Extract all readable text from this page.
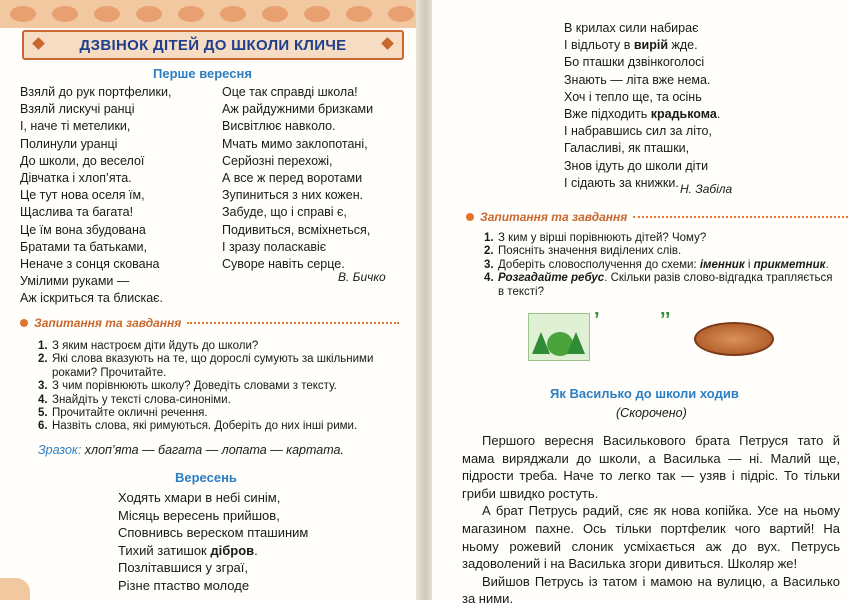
ДЗВІНОК ДІТЕЙ ДО ШКОЛИ КЛИЧЕ
Перше вересня
Взялй до рук портфелики,
Взялй лискучі ранці
І, наче ті метелики,
Полинули уранці
До школи, до веселої
Дівчатка і хлоп’ята.
Це тут нова оселя їм,
Щаслива та багата!
Це їм вона збудована
Братами та батьками,
Неначе з сонця скована
Умілими руками —
Аж іскриться та блискає.
Оце так справді школа!
Аж райдужними бризками
Висвітлює навколо.
Мчать мимо заклопотані,
Серйозні перехожі,
А все ж перед воротами
Зупиниться з них кожен.
Забуде, що і справі є,
Подивиться, всміхнеться,
І зразу поласкавіє
Суворе навіть серце.
В. Бичко
Запитання та завдання
1. З яким настроєм діти йдуть до школи?
2. Які слова вказують на те, що дорослі сумують за шкільними роками? Прочитайте.
3. З чим порівнюють школу? Доведіть словами з тексту.
4. Знайдіть у тексті слова-синоніми.
5. Прочитайте окличні речення.
6. Назвіть слова, які римуються. Доберіть до них інші рими.
Зразок: хлоп’ята — багата — лопата — картата.
Вересень
Ходять хмари в небі синім,
Місяць вересень прийшов,
Сповнивсь вереском пташиним
Тихий затишок дібров.
Позлітавшися у зграї,
Різне птаство молоде
В крилах сили набирає
І відльоту в вирій жде.
Бо пташки дзвінкоголосі
Знають — літа вже нема.
Хоч і тепло ще, та осінь
Вже підходить крадькома.
І набравшись сил за літо,
Галасливі, як пташки,
Знов ідуть до школи діти
І сідають за книжки. Н. Забіла
Запитання та завдання
1. З ким у вірші порівнюють дітей? Чому?
2. Поясніть значення виділених слів.
3. Доберіть словосполучення до схеми: іменник і прикметник.
4. Розгадайте ребус. Скільки разів слово-відгадка трапляється в тексті?
’	’’
Як Василько до школи ходив
(Скорочено)

Першого вересня Василькового брата Петруся тато й мама виряджали до школи, а Василька — ні. Малий ще, підрости треба. Наче то легко так — узяв і підріс. То тільки гриби швидко ростуть.

А брат Петрусь радий, сяє як нова копійка. Усе на ньому магазином пахне. Ось тільки портфелик чого вартий! На ньому рожевий слоник усміхається аж до вух. Петрусь задоволений і на Василька згори дивиться. Школяр же!

Вийшов Петрусь із татом і мамою на вулицю, а Василько за ними.
